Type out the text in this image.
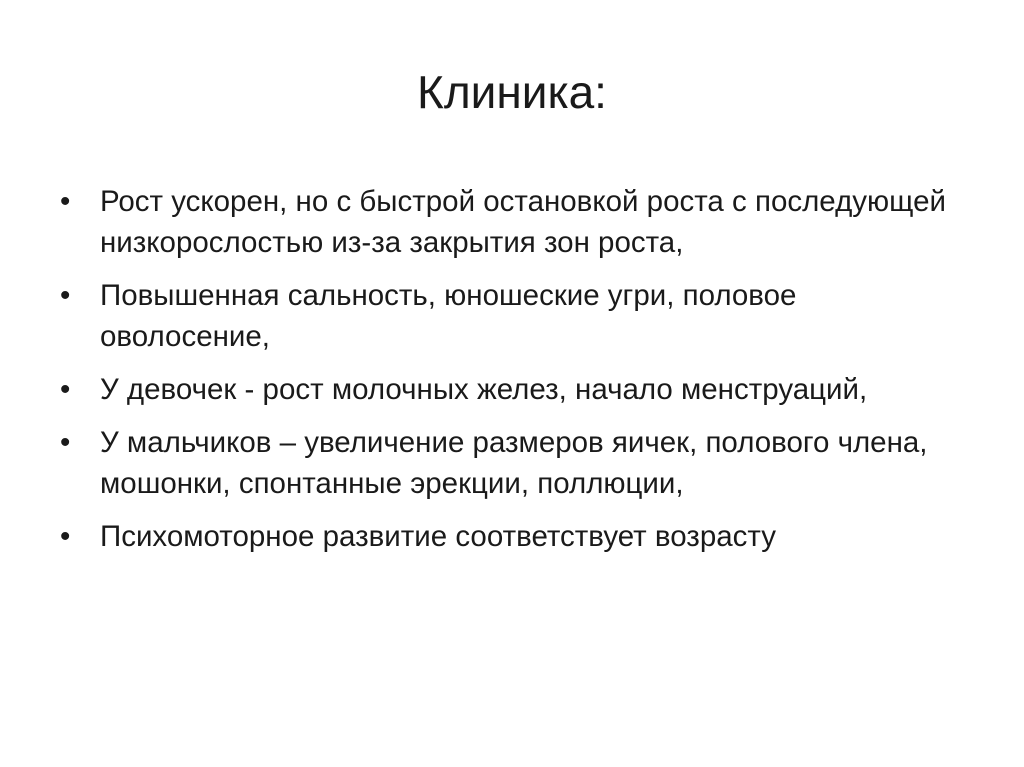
Клиника:
•	Рост ускорен, но с быстрой остановкой роста с последующей низкорослостью из-за закрытия зон роста,
•	Повышенная сальность, юношеские угри, половое оволосение,
•	У девочек - рост молочных желез, начало менструаций,
•	У мальчиков – увеличение размеров яичек, полового члена, мошонки, спонтанные эрекции, поллюции,
•	Психомоторное развитие соответствует возрасту
